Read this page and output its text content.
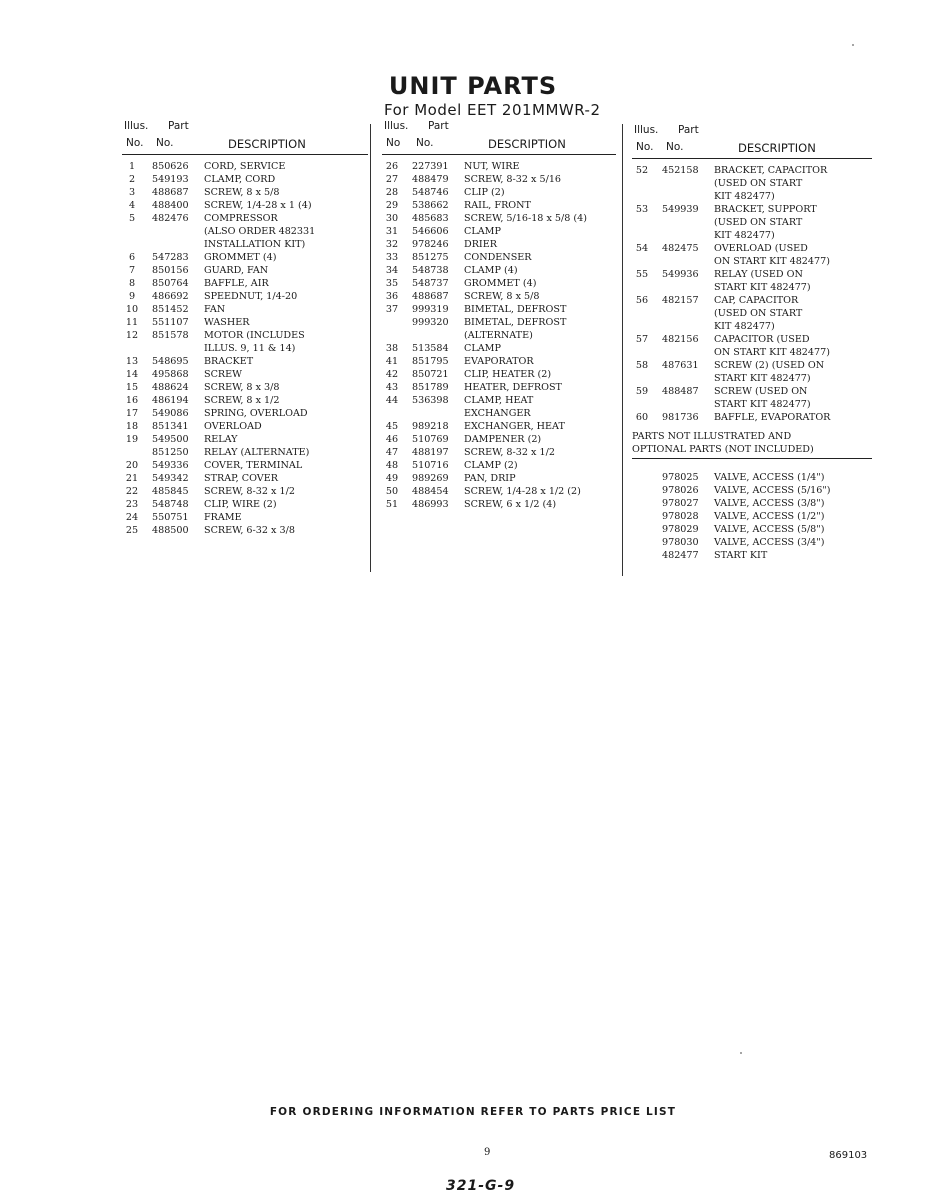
UNIT PARTS
For Model EET 201MMWR-2
Illus. Part
No. No.	DESCRIPTION
1	850626 CORD, SERVICE
2	549193 CLAMP, CORD
3	488687 SCREW, 8 x 5/8
4	488400 SCREW, 1/4-28 x 1 (4)
5	482476 COMPRESSOR
(ALSO ORDER 482331
INSTALLATION KIT)
6	547283 GROMMET (4)
7	850156 GUARD, FAN
8	850764 BAFFLE, AIR
9	486692 SPEEDNUT, 1/4-20
10	851452 FAN
11	551107 WASHER
12	851578 MOTOR (INCLUDES
ILLUS. 9, 11 & 14)
13	548695 BRACKET
14	495868 SCREW
15	488624 SCREW, 8 x 3/8
16	486194 SCREW, 8 x 1/2
17	549086 SPRING, OVERLOAD
18	851341 OVERLOAD
19	549500 RELAY
851250 RELAY (ALTERNATE)
20	549336 COVER, TERMINAL
21	549342 STRAP, COVER
22	485845 SCREW, 8-32 x 1/2
23	548748 CLIP, WIRE (2)
24	550751 FRAME
25	488500 SCREW, 6-32 x 3/8
Illus. Part
No No.	DESCRIPTION
26	227391 NUT, WIRE
27	488479 SCREW, 8-32 x 5/16
28	548746 CLIP (2)
29	538662 RAIL, FRONT
30	485683 SCREW, 5/16-18 x 5/8 (4)
31	546606 CLAMP
32	978246 DRIER
33	851275 CONDENSER
34	548738 CLAMP (4)
35	548737 GROMMET (4)
36	488687 SCREW, 8 x 5/8
37	999319 BIMETAL, DEFROST
999320 BIMETAL, DEFROST
(ALTERNATE)
38	513584 CLAMP
41	851795 EVAPORATOR
42	850721 CLIP, HEATER (2)
43	851789 HEATER, DEFROST
44	536398 CLAMP, HEAT
EXCHANGER
45	989218 EXCHANGER, HEAT
46	510769 DAMPENER (2)
47	488197 SCREW, 8-32 x 1/2
48	510716 CLAMP (2)
49	989269 PAN, DRIP
50	488454 SCREW, 1/4-28 x 1/2 (2)
51	486993 SCREW, 6 x 1/2 (4)
Illus. Part
No. No.	DESCRIPTION
52	452158 BRACKET, CAPACITOR
(USED ON START
KIT 482477)
53	549939 BRACKET, SUPPORT
(USED ON START
KIT 482477)
54	482475 OVERLOAD (USED
ON START KIT 482477)
55	549936 RELAY (USED ON
START KIT 482477)
56	482157 CAP, CAPACITOR
(USED ON START
KIT 482477)
57	482156 CAPACITOR (USED
ON START KIT 482477)
58	487631 SCREW (2) (USED ON
START KIT 482477)
59	488487 SCREW (USED ON
START KIT 482477)
60	981736 BAFFLE, EVAPORATOR
PARTS NOT ILLUSTRATED AND
OPTIONAL PARTS (NOT INCLUDED)
978025 VALVE, ACCESS (1/4")
978026 VALVE, ACCESS (5/16")
978027 VALVE, ACCESS (3/8")
978028 VALVE, ACCESS (1/2")
978029 VALVE, ACCESS (5/8")
978030 VALVE, ACCESS (3/4")
482477 START KIT
FOR ORDERING INFORMATION REFER TO PARTS PRICE LIST
9	869103
321-G-9
